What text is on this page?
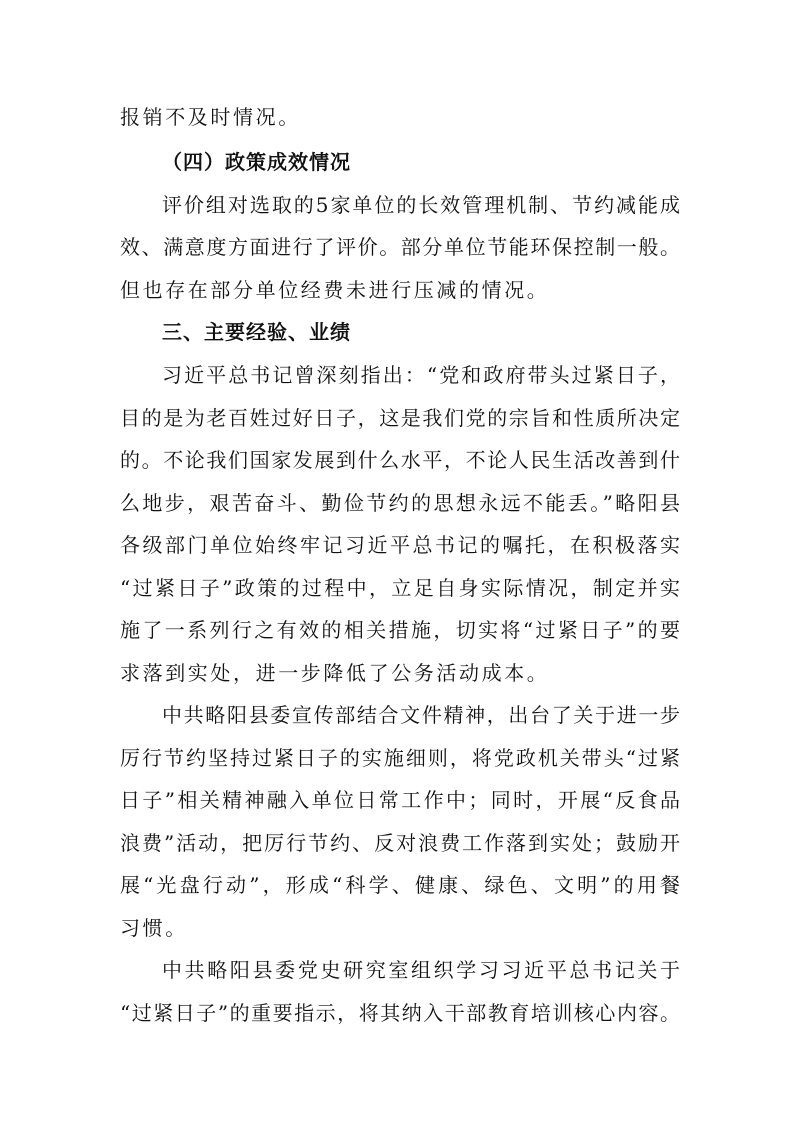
报销不及时情况。
（四）政策成效情况
评价组对选取的5家单位的长效管理机制、节约减能成
效、满意度方面进行了评价。部分单位节能环保控制一般。
但也存在部分单位经费未进行压减的情况。
三、主要经验、业绩
习近平总书记曾深刻指出：“党和政府带头过紧日子，
目的是为老百姓过好日子，这是我们党的宗旨和性质所决定
的。不论我们国家发展到什么水平，不论人民生活改善到什
么地步，艰苦奋斗、勤俭节约的思想永远不能丢。”略阳县
各级部门单位始终牢记习近平总书记的嘱托，在积极落实
“过紧日子”政策的过程中，立足自身实际情况，制定并实
施了一系列行之有效的相关措施，切实将“过紧日子”的要
求落到实处，进一步降低了公务活动成本。
中共略阳县委宣传部结合文件精神，出台了关于进一步
厉行节约坚持过紧日子的实施细则，将党政机关带头“过紧
日子”相关精神融入单位日常工作中；同时，开展“反食品
浪费”活动，把厉行节约、反对浪费工作落到实处；鼓励开
展“光盘行动”，形成“科学、健康、绿色、文明”的用餐
习惯。
中共略阳县委党史研究室组织学习习近平总书记关于
“过紧日子”的重要指示，将其纳入干部教育培训核心内容。
